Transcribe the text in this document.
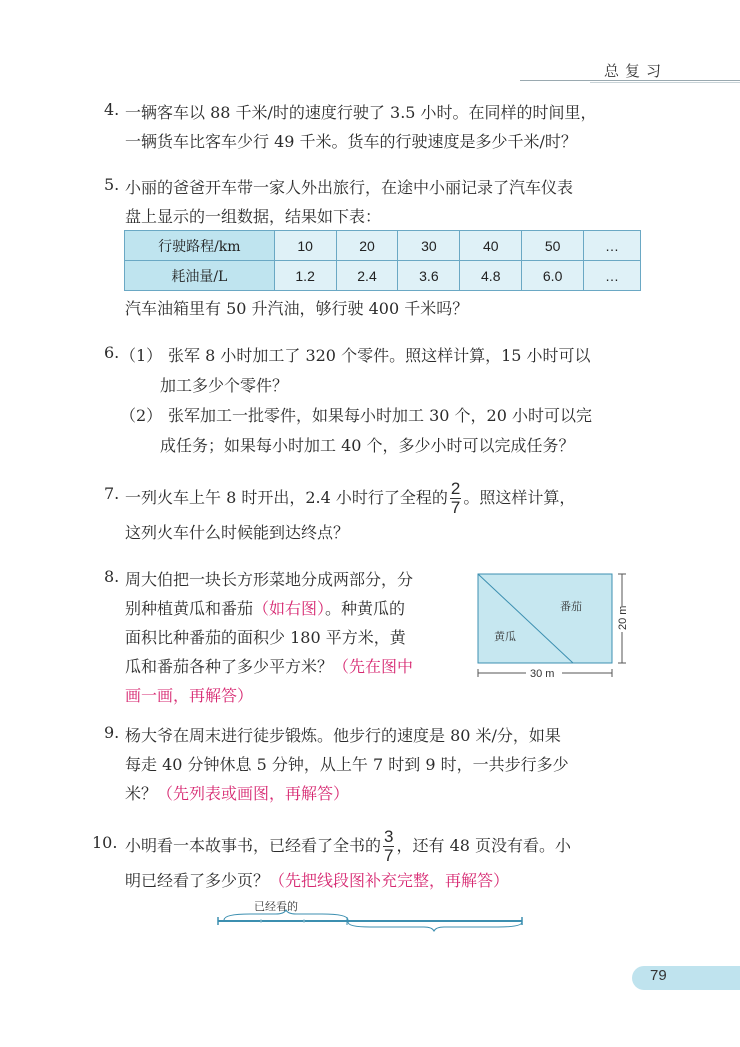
总复习
4. 一辆客车以 88 千米/时的速度行驶了 3.5 小时。在同样的时间里，
一辆货车比客车少行 49 千米。货车的行驶速度是多少千米/时？
5. 小丽的爸爸开车带一家人外出旅行，在途中小丽记录了汽车仪表
盘上显示的一组数据，结果如下表：
行驶路程/km	10	20	30	40	50	…
耗油量/L	1.2	2.4	3.6	4.8	6.0	…
汽车油箱里有 50 升汽油，够行驶 400 千米吗？
6. （1） 张军 8 小时加工了 320 个零件。照这样计算，15 小时可以
加工多少个零件？
（2） 张军加工一批零件，如果每小时加工 30 个，20 小时可以完
成任务；如果每小时加工 40 个，多少小时可以完成任务？
7. 一列火车上午 8 时开出，2.4 小时行了全程的 $\frac{2}{7}$ 。照这样计算，
这列火车什么时候能到达终点？
8. 周大伯把一块长方形菜地分成两部分，分
别种植黄瓜和番茄（如右图）。种黄瓜的
面积比种番茄的面积少 180 平方米，黄
瓜和番茄各种了多少平方米？（先在图中
画一画，再解答）
番茄
黄瓜
20 m
30 m
9. 杨大爷在周末进行徒步锻炼。他步行的速度是 80 米/分，如果
每走 40 分钟休息 5 分钟，从上午 7 时到 9 时，一共步行多少
米？（先列表或画图，再解答）
10. 小明看一本故事书，已经看了全书的 $\frac{3}{7}$ ，还有 48 页没有看。小
明已经看了多少页？（先把线段图补充完整，再解答）
已经看的
79
